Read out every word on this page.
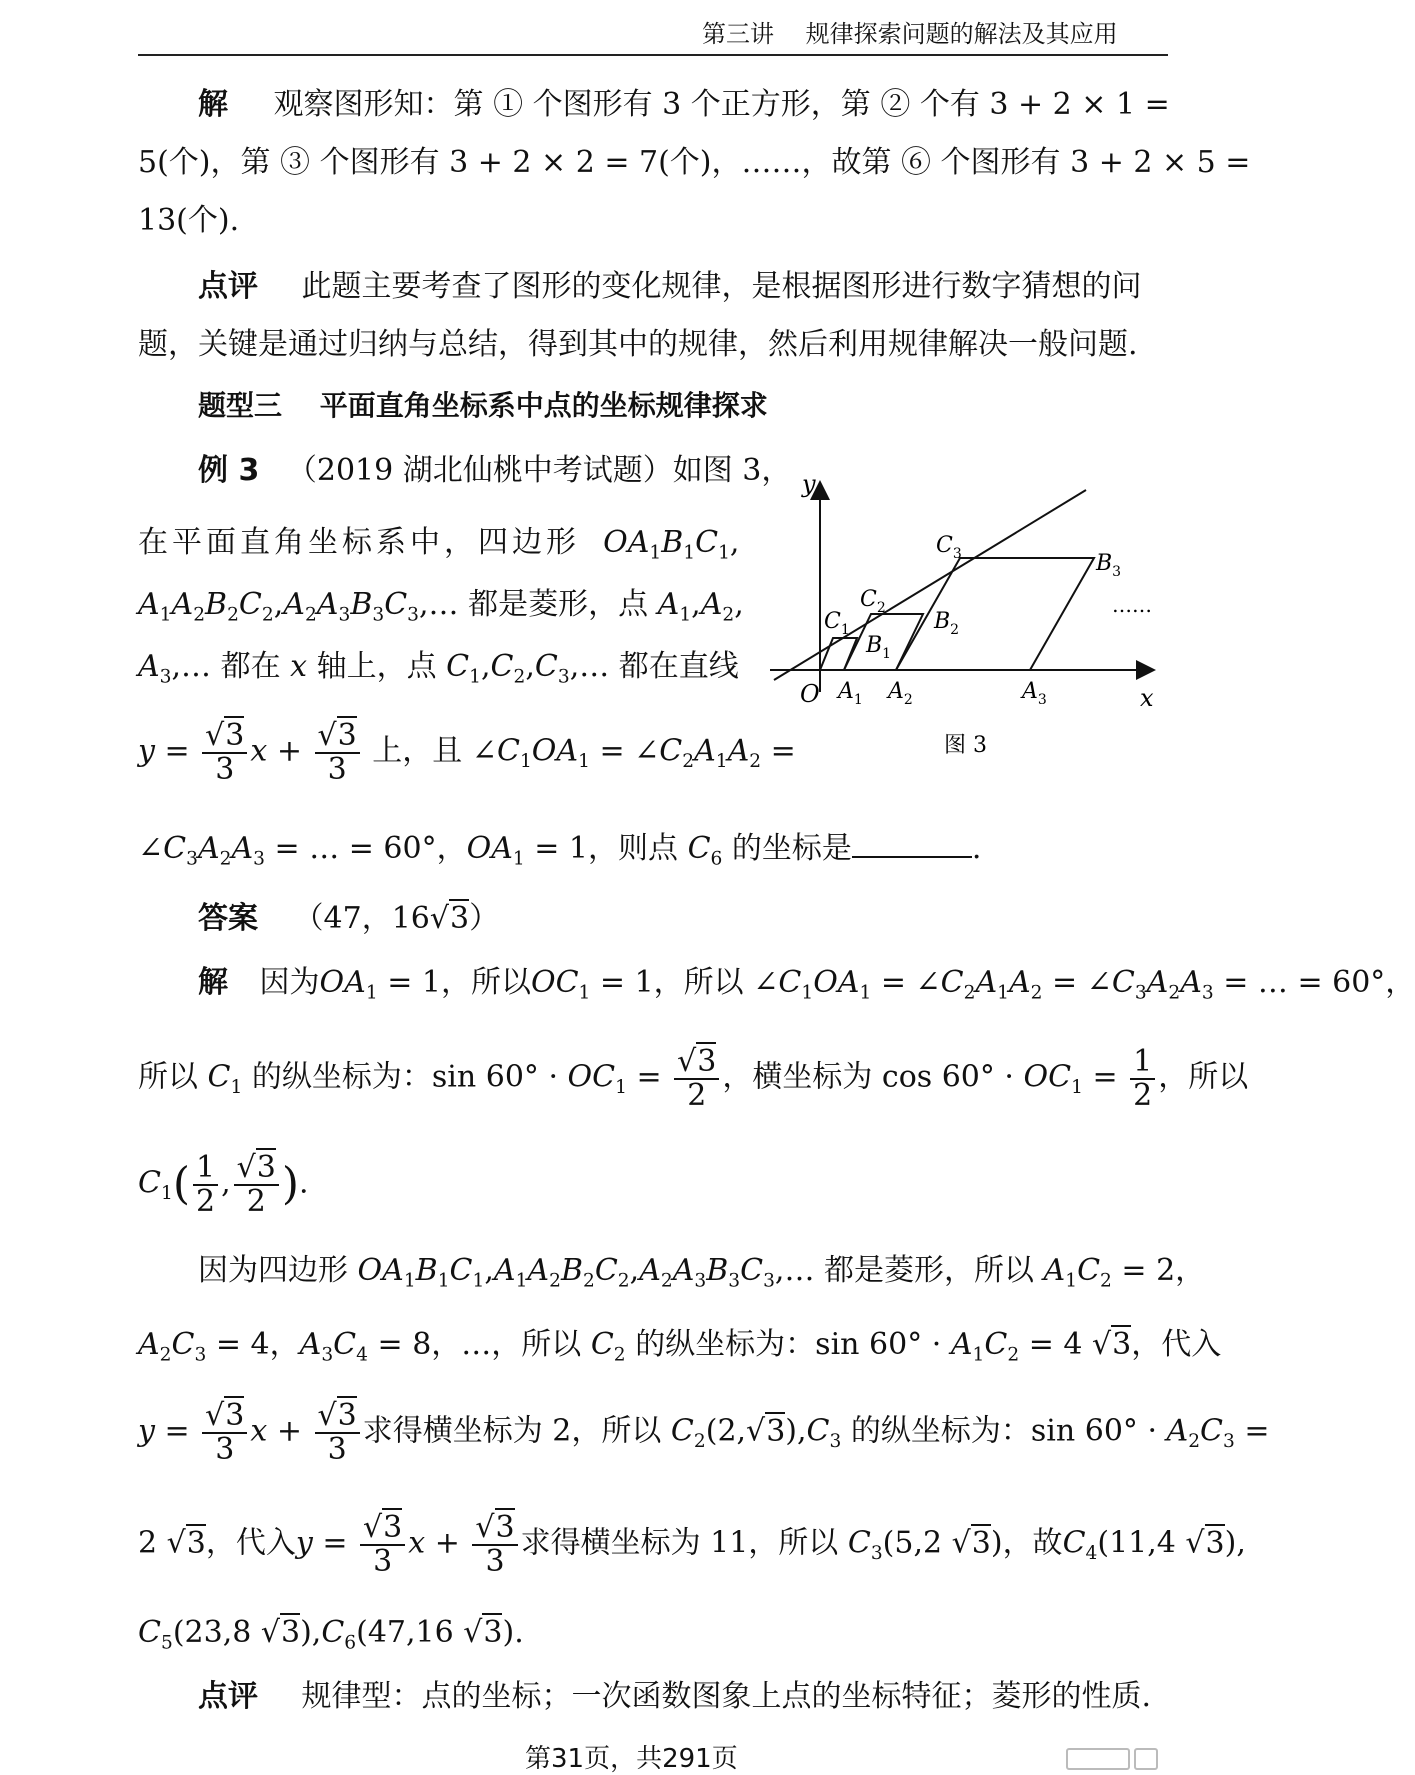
第三讲　 规律探索问题的解法及其应用
解 观察图形知：第 ① 个图形有 3 个正方形，第 ② 个有 3 + 2 × 1 =
5(个)，第 ③ 个图形有 3 + 2 × 2 = 7(个)，……，故第 ⑥ 个图形有 3 + 2 × 5 =
13(个).
点评 此题主要考查了图形的变化规律，是根据图形进行数字猜想的问
题，关键是通过归纳与总结，得到其中的规律，然后利用规律解决一般问题.
题型三　 平面直角坐标系中点的坐标规律探求
例 3 （2019 湖北仙桃中考试题）如图 3，
在平面直角坐标系中，四边形 $OA_1B_1C_1$,
$A_1A_2B_2C_2,A_2A_3B_3C_3,\dots$ 都是菱形，点 $A_1,A_2$,
$A_3,\dots$ 都在 x 轴上，点 $C_1,C_2,C_3,\dots$ 都在直线
$y = \frac{√3}{3}$ $x + \frac{√3}{3}$ 上，且 $\angle C_1OA_1$ = $\angle C_2A_1A_2$ =
$\angle C_3A_2A_3$ = … = 60°，$OA_1 = 1$，则点 $C_6$ 的坐标是	.
y
x
O
$C_1$
$C_2$
$C_3$
$B_1$
$B_2$
$B_3$
$A_1$ $A_2$	$A_3$
……
图 3
答案 （47，16√3）
解 因为$OA_1 = 1$，所以$OC_1 = 1$，所以 $\angle C_1OA_1$ = $\angle C_2A_1A_2$ = $\angle C_3A_2A_3$ = … = 60°，
所以 $C_1$ 的纵坐标为：$\sin 60^\circ \cdot OC_1 = \frac{√3}{2}$ ，横坐标为 $\cos 60^\circ \cdot OC_1 = \frac{1}{2}$ ，所以
$C_1( \frac{1}{2}$ , $\frac{√3}{2}$ ).
因为四边形 $OA_1B_1C_1,A_1A_2B_2C_2,A_2A_3B_3C_3,\dots$ 都是菱形，所以 $A_1C_2 = 2$，
$A_2C_3 = 4$，$A_3C_4 = 8$，…，所以 $C_2$ 的纵坐标为：$\sin 60^\circ \cdot A_1C_2 = 4$ √3，代入
$y = \frac{√3}{3}$ $x + \frac{√3}{3}$ 求得横坐标为 2，所以 $C_2(2,√3),C_3$ 的纵坐标为：$\sin 60^\circ \cdot A_2C_3$ =
2 √3，代入$y = \frac{√3}{3}$ $x + \frac{√3}{3}$ 求得横坐标为 11，所以 $C_3(5,2$ √3)，故$C_4(11,4$ √3),
$C_5(23,8$ $√3),C_6(47,16$ √3).
点评 规律型：点的坐标；一次函数图象上点的坐标特征；菱形的性质.
第31页，共291页
